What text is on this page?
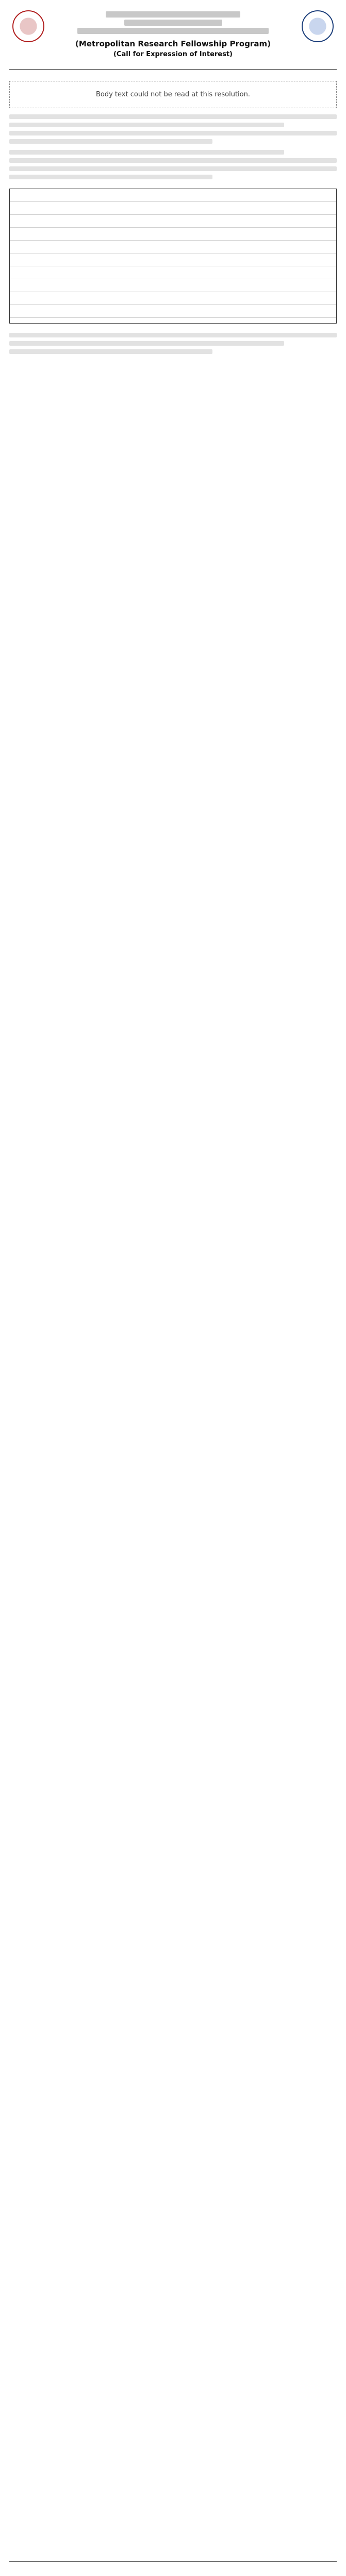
(Metropolitan Research Fellowship Program)
(Call for Expression of Interest)
Body text could not be read at this resolution.
